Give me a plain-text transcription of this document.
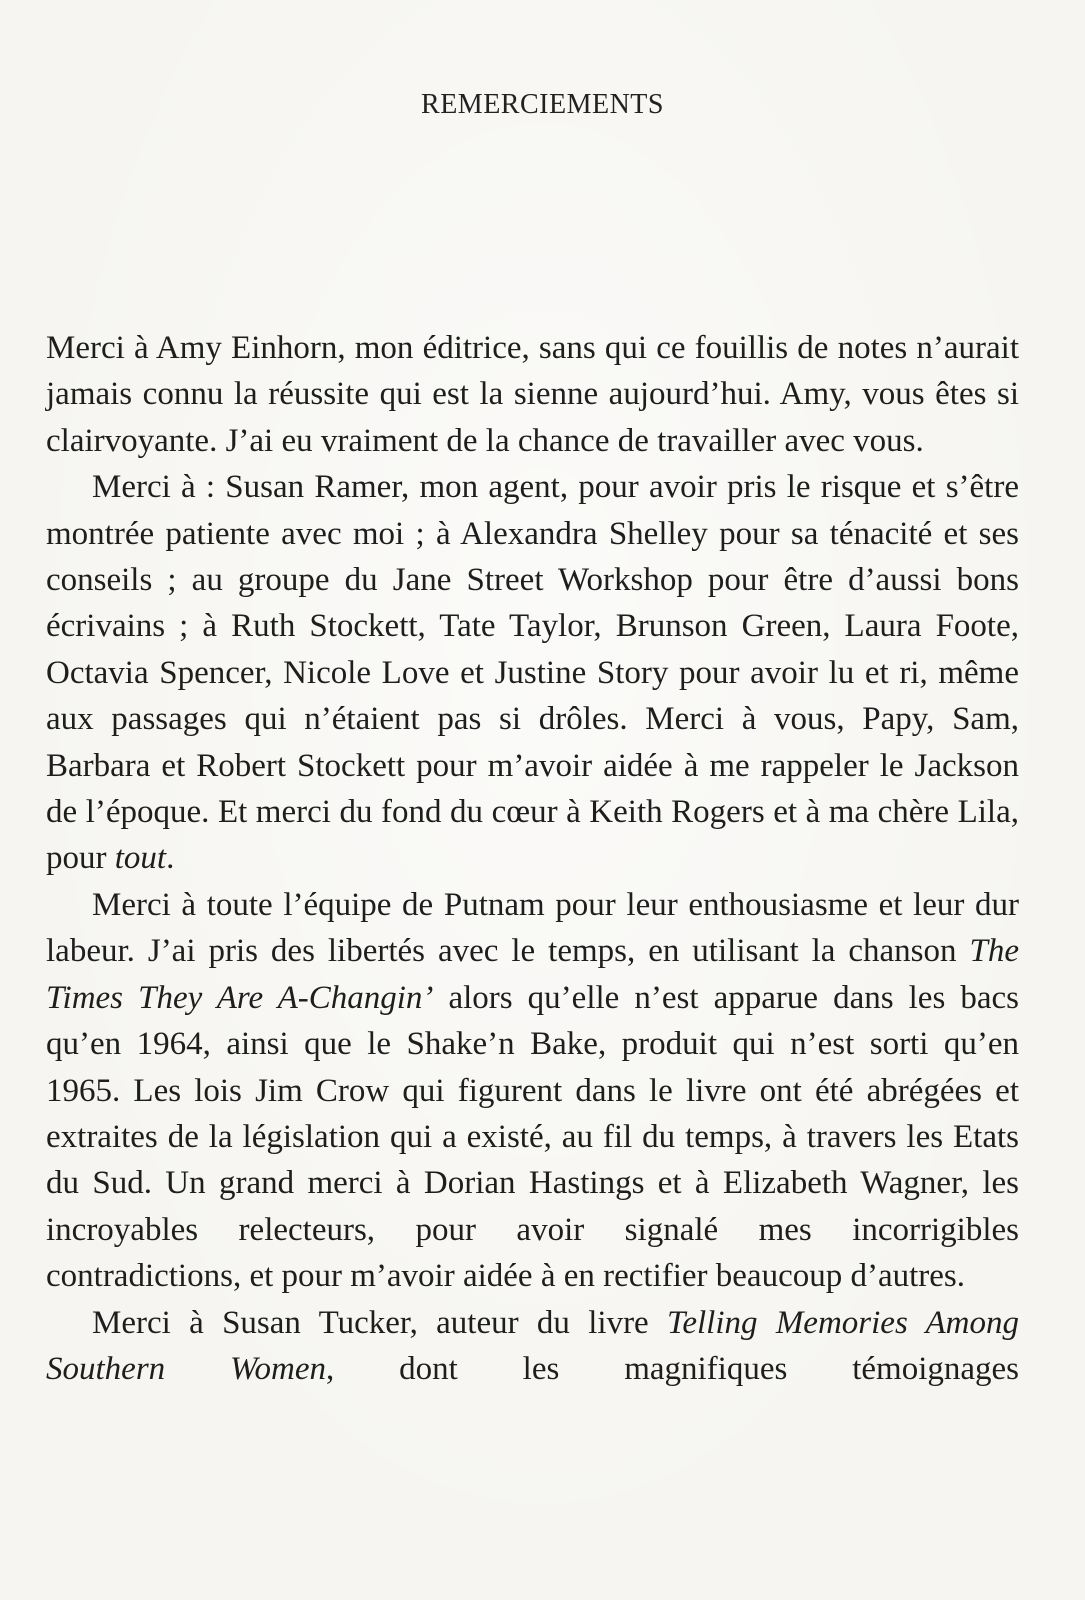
REMERCIEMENTS

Merci à Amy Einhorn, mon éditrice, sans qui ce fouillis de notes n’aurait jamais connu la réussite qui est la sienne aujourd’hui. Amy, vous êtes si clairvoyante. J’ai eu vraiment de la chance de travailler avec vous.

Merci à : Susan Ramer, mon agent, pour avoir pris le risque et s’être montrée patiente avec moi ; à Alexandra Shelley pour sa ténacité et ses conseils ; au groupe du Jane Street Workshop pour être d’aussi bons écrivains ; à Ruth Stockett, Tate Taylor, Brunson Green, Laura Foote, Octavia Spencer, Nicole Love et Justine Story pour avoir lu et ri, même aux passages qui n’étaient pas si drôles. Merci à vous, Papy, Sam, Barbara et Robert Stockett pour m’avoir aidée à me rappeler le Jackson de l’époque. Et merci du fond du cœur à Keith Rogers et à ma chère Lila, pour tout.

Merci à toute l’équipe de Putnam pour leur enthousiasme et leur dur labeur. J’ai pris des libertés avec le temps, en utilisant la chanson The Times They Are A-Changin’ alors qu’elle n’est apparue dans les bacs qu’en 1964, ainsi que le Shake’n Bake, produit qui n’est sorti qu’en 1965. Les lois Jim Crow qui figurent dans le livre ont été abrégées et extraites de la législation qui a existé, au fil du temps, à travers les Etats du Sud. Un grand merci à Dorian Hastings et à Elizabeth Wagner, les incroyables relecteurs, pour avoir signalé mes incorrigibles contradictions, et pour m’avoir aidée à en rectifier beaucoup d’autres.

Merci à Susan Tucker, auteur du livre Telling Memories Among Southern Women, dont les magnifiques témoignages
